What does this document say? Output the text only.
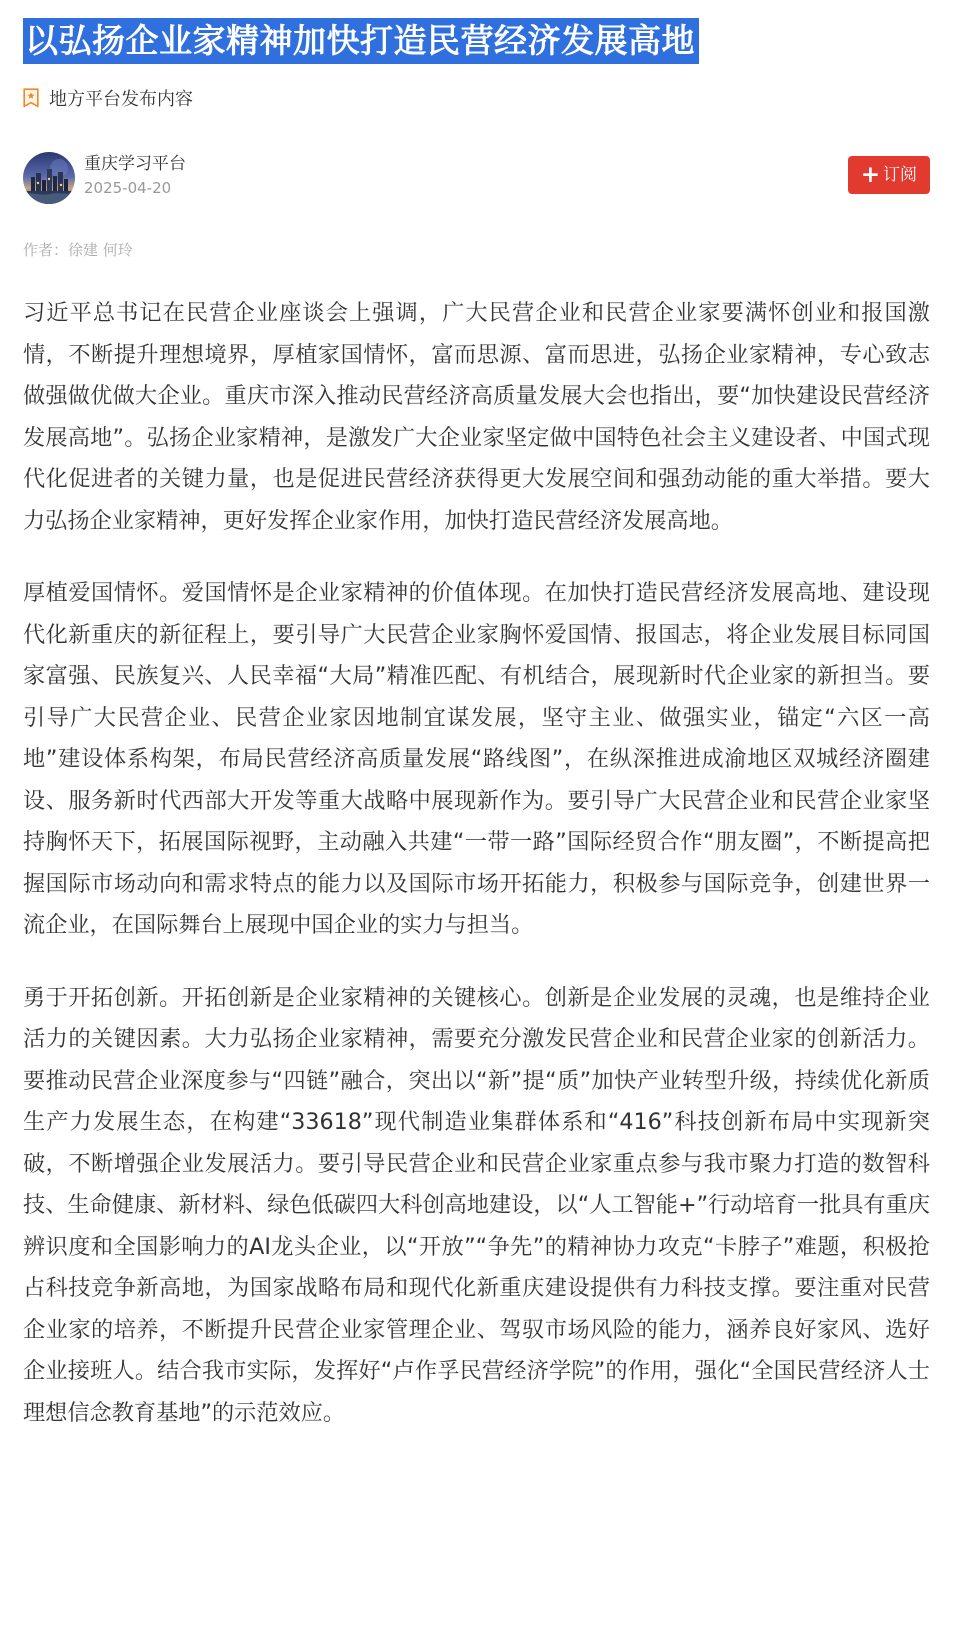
以弘扬企业家精神加快打造民营经济发展高地
地方平台发布内容
重庆学习平台
2025-04-20	+ 订阅
作者：徐建 何玲

习近平总书记在民营企业座谈会上强调，广大民营企业和民营企业家要满怀创业和报国激情，不断提升理想境界，厚植家国情怀，富而思源、富而思进，弘扬企业家精神，专心致志做强做优做大企业。重庆市深入推动民营经济高质量发展大会也指出，要“加快建设民营经济发展高地”。弘扬企业家精神，是激发广大企业家坚定做中国特色社会主义建设者、中国式现代化促进者的关键力量，也是促进民营经济获得更大发展空间和强劲动能的重大举措。要大力弘扬企业家精神，更好发挥企业家作用，加快打造民营经济发展高地。

厚植爱国情怀。爱国情怀是企业家精神的价值体现。在加快打造民营经济发展高地、建设现代化新重庆的新征程上，要引导广大民营企业家胸怀爱国情、报国志，将企业发展目标同国家富强、民族复兴、人民幸福“大局”精准匹配、有机结合，展现新时代企业家的新担当。要引导广大民营企业、民营企业家因地制宜谋发展，坚守主业、做强实业，锚定“六区一高地”建设体系构架，布局民营经济高质量发展“路线图”，在纵深推进成渝地区双城经济圈建设、服务新时代西部大开发等重大战略中展现新作为。要引导广大民营企业和民营企业家坚持胸怀天下，拓展国际视野，主动融入共建“一带一路”国际经贸合作“朋友圈”，不断提高把握国际市场动向和需求特点的能力以及国际市场开拓能力，积极参与国际竞争，创建世界一流企业，在国际舞台上展现中国企业的实力与担当。

勇于开拓创新。开拓创新是企业家精神的关键核心。创新是企业发展的灵魂，也是维持企业活力的关键因素。大力弘扬企业家精神，需要充分激发民营企业和民营企业家的创新活力。要推动民营企业深度参与“四链”融合，突出以“新”提“质”加快产业转型升级，持续优化新质生产力发展生态，在构建“33618”现代制造业集群体系和“416”科技创新布局中实现新突破，不断增强企业发展活力。要引导民营企业和民营企业家重点参与我市聚力打造的数智科技、生命健康、新材料、绿色低碳四大科创高地建设，以“人工智能+”行动培育一批具有重庆辨识度和全国影响力的AI龙头企业，以“开放”“争先”的精神协力攻克“卡脖子”难题，积极抢占科技竞争新高地，为国家战略布局和现代化新重庆建设提供有力科技支撑。要注重对民营企业家的培养，不断提升民营企业家管理企业、驾驭市场风险的能力，涵养良好家风、选好企业接班人。结合我市实际，发挥好“卢作孚民营经济学院”的作用，强化“全国民营经济人士理想信念教育基地”的示范效应。
